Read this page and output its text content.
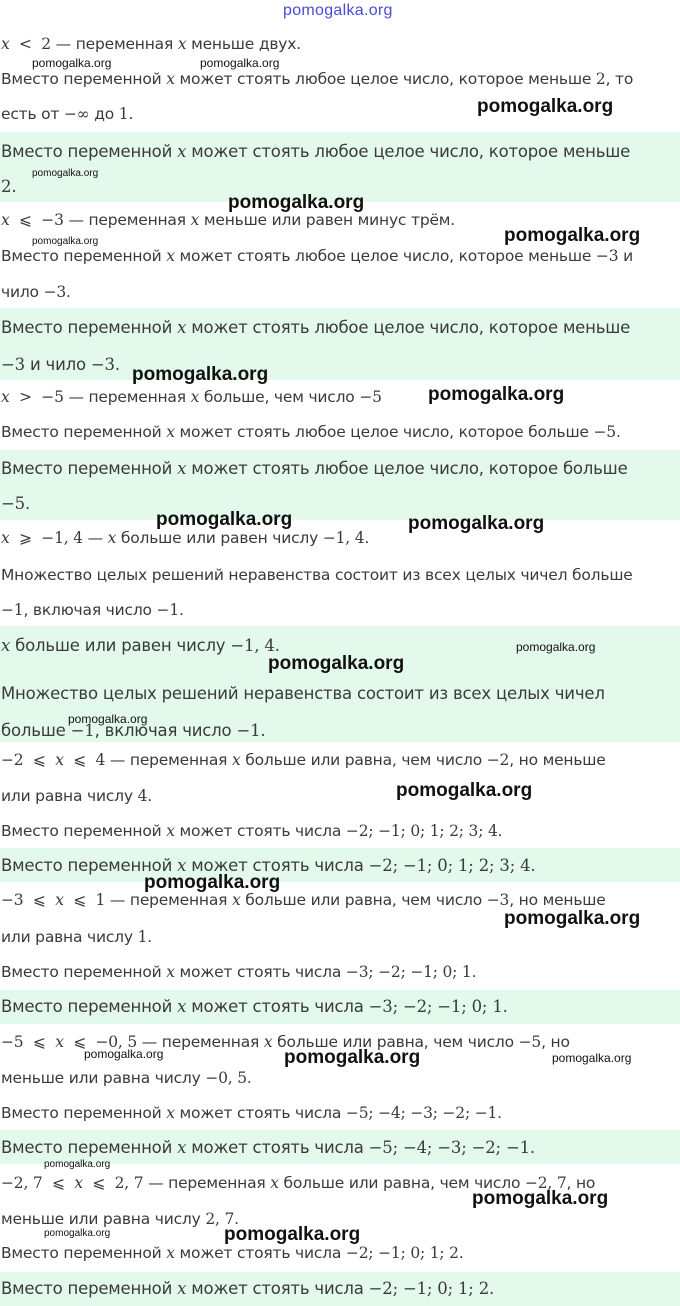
pomogalka.org
x < 2 — переменная x меньше двух.
Вместо переменной x может стоять любое целое число, которое меньше 2, то
есть от −∞ до 1.
Вместо переменной x может стоять любое целое число, которое меньше
2.
x ⩽ −3 — переменная x меньше или равен минус трём.
Вместо переменной x может стоять любое целое число, которое меньше −3 и
чило −3.
Вместо переменной x может стоять любое целое число, которое меньше
−3 и чило −3.
x > −5 — переменная x больше, чем число −5
Вместо переменной x может стоять любое целое число, которое больше −5.
Вместо переменной x может стоять любое целое число, которое больше
−5.
x ⩾ −1, 4 — x больше или равен числу −1, 4.
Множество целых решений неравенства состоит из всех целых чичел больше
−1, включая число −1.
x больше или равен числу −1, 4.
Множество целых решений неравенства состоит из всех целых чичел
больше −1, включая число −1.
−2 ⩽ x ⩽ 4 — переменная x больше или равна, чем число −2, но меньше
или равна числу 4.
Вместо переменной x может стоять числа −2; −1; 0; 1; 2; 3; 4.
Вместо переменной x может стоять числа −2; −1; 0; 1; 2; 3; 4.
−3 ⩽ x ⩽ 1 — переменная x больше или равна, чем число −3, но меньше
или равна числу 1.
Вместо переменной x может стоять числа −3; −2; −1; 0; 1.
Вместо переменной x может стоять числа −3; −2; −1; 0; 1.
−5 ⩽ x ⩽ −0, 5 — переменная x больше или равна, чем число −5, но
меньше или равна числу −0, 5.
Вместо переменной x может стоять числа −5; −4; −3; −2; −1.
Вместо переменной x может стоять числа −5; −4; −3; −2; −1.
−2, 7 ⩽ x ⩽ 2, 7 — переменная x больше или равна, чем число −2, 7, но
меньше или равна числу 2, 7.
Вместо переменной x может стоять числа −2; −1; 0; 1; 2.
Вместо переменной x может стоять числа −2; −1; 0; 1; 2.
pomogalka.org	pomogalka.org
pomogalka.org
pomogalka.org
pomogalka.org
pomogalka.org
pomogalka.org
pomogalka.org
pomogalka.org
pomogalka.org	pomogalka.org
pomogalka.org
pomogalka.org
pomogalka.org
pomogalka.org
pomogalka.org
pomogalka.org
pomogalka.org	pomogalka.org	pomogalka.org
pomogalka.org
pomogalka.org
pomogalka.org	pomogalka.org
